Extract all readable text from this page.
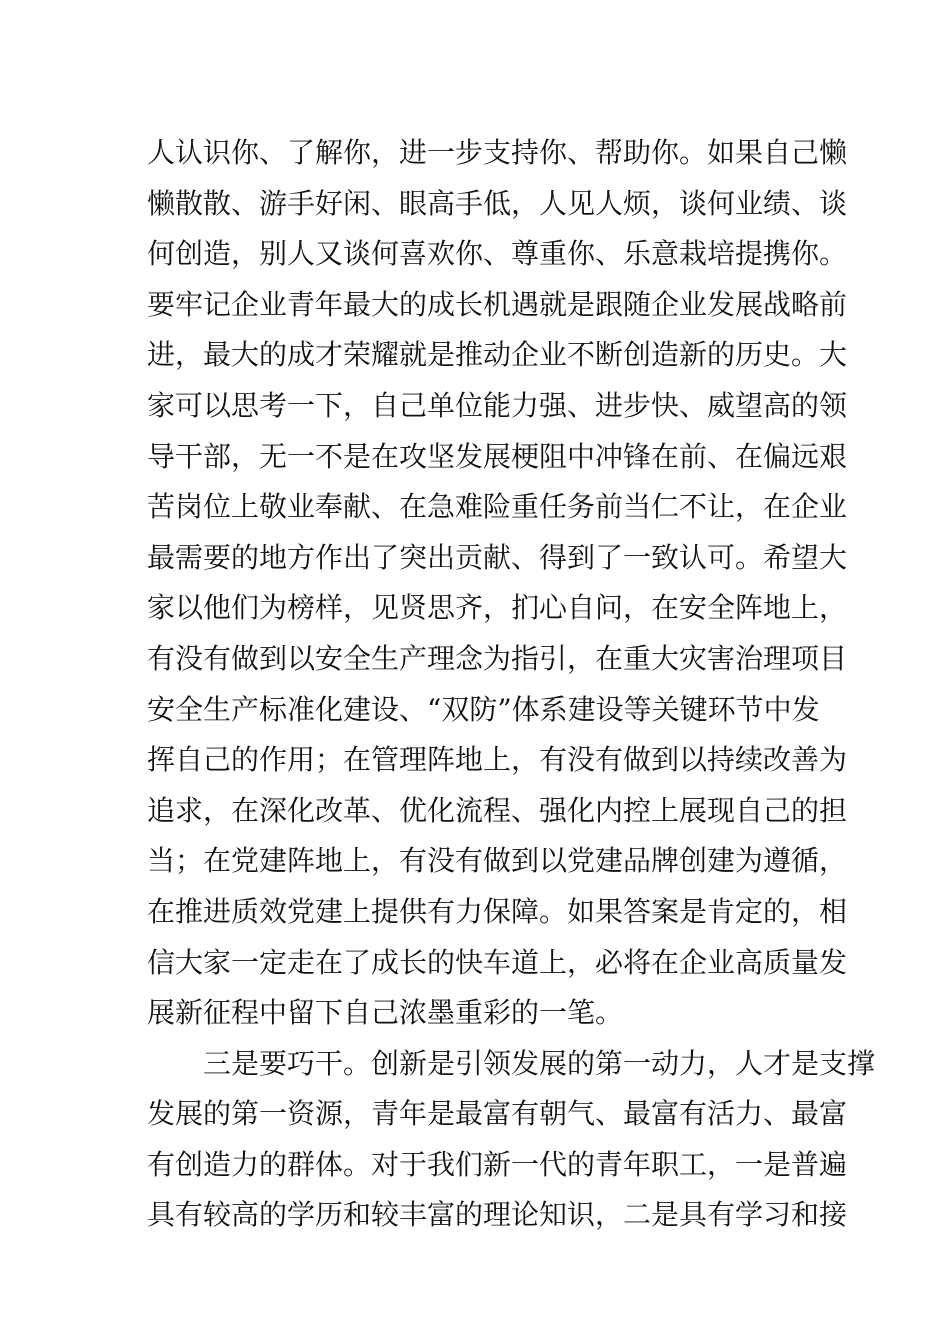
人认识你、了解你，进一步支持你、帮助你。如果自己懒
懒散散、游手好闲、眼高手低，人见人烦，谈何业绩、谈
何创造，别人又谈何喜欢你、尊重你、乐意栽培提携你。
要牢记企业青年最大的成长机遇就是跟随企业发展战略前
进，最大的成才荣耀就是推动企业不断创造新的历史。大
家可以思考一下，自己单位能力强、进步快、威望高的领
导干部，无一不是在攻坚发展梗阻中冲锋在前、在偏远艰
苦岗位上敬业奉献、在急难险重任务前当仁不让，在企业
最需要的地方作出了突出贡献、得到了一致认可。希望大
家以他们为榜样，见贤思齐，扪心自问，在安全阵地上，
有没有做到以安全生产理念为指引，在重大灾害治理项目
安全生产标准化建设、“双防”体系建设等关键环节中发
挥自己的作用；在管理阵地上，有没有做到以持续改善为
追求，在深化改革、优化流程、强化内控上展现自己的担
当；在党建阵地上，有没有做到以党建品牌创建为遵循，
在推进质效党建上提供有力保障。如果答案是肯定的，相
信大家一定走在了成长的快车道上，必将在企业高质量发
展新征程中留下自己浓墨重彩的一笔。
三是要巧干。创新是引领发展的第一动力，人才是支撑
发展的第一资源，青年是最富有朝气、最富有活力、最富
有创造力的群体。对于我们新一代的青年职工，一是普遍
具有较高的学历和较丰富的理论知识，二是具有学习和接
